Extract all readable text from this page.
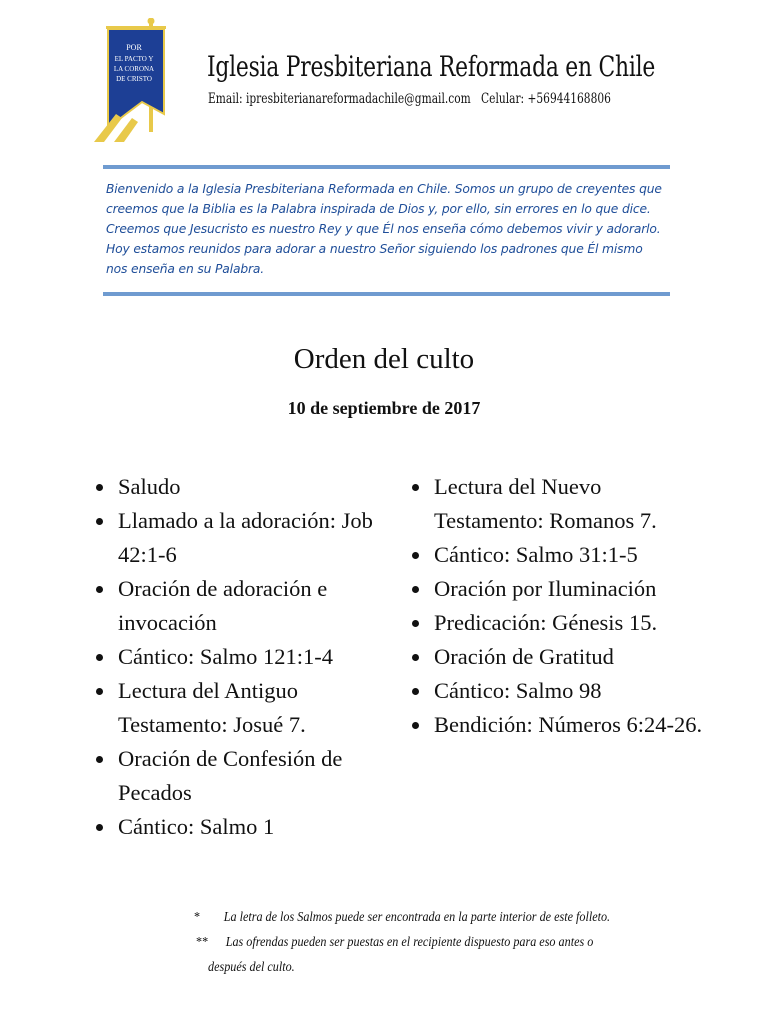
POR
EL PACTO Y
LA CORONA
DE CRISTO Iglesia Presbiteriana Reformada en Chile
Email: ipresbiterianareformadachile@gmail.com Celular: +56944168806
Bienvenido a la Iglesia Presbiteriana Reformada en Chile. Somos un grupo de creyentes que creemos que la Biblia es la Palabra inspirada de Dios y, por ello, sin errores en lo que dice. Creemos que Jesucristo es nuestro Rey y que Él nos enseña cómo debemos vivir y adorarlo. Hoy estamos reunidos para adorar a nuestro Señor siguiendo los padrones que Él mismo nos enseña en su Palabra.
Orden del culto
10 de septiembre de 2017
Saludo
Llamado a la adoración: Job 42:1-6
Oración de adoración e invocación
Cántico: Salmo 121:1-4
Lectura del Antiguo Testamento: Josué 7.
Oración de Confesión de Pecados
Cántico: Salmo 1
Lectura del Nuevo Testamento: Romanos 7.
Cántico: Salmo 31:1-5
Oración por Iluminación
Predicación: Génesis 15.
Oración de Gratitud
Cántico: Salmo 98
Bendición: Números 6:24-26.
* La letra de los Salmos puede ser encontrada en la parte interior de este folleto.
** Las ofrendas pueden ser puestas en el recipiente dispuesto para eso antes o
después del culto.
